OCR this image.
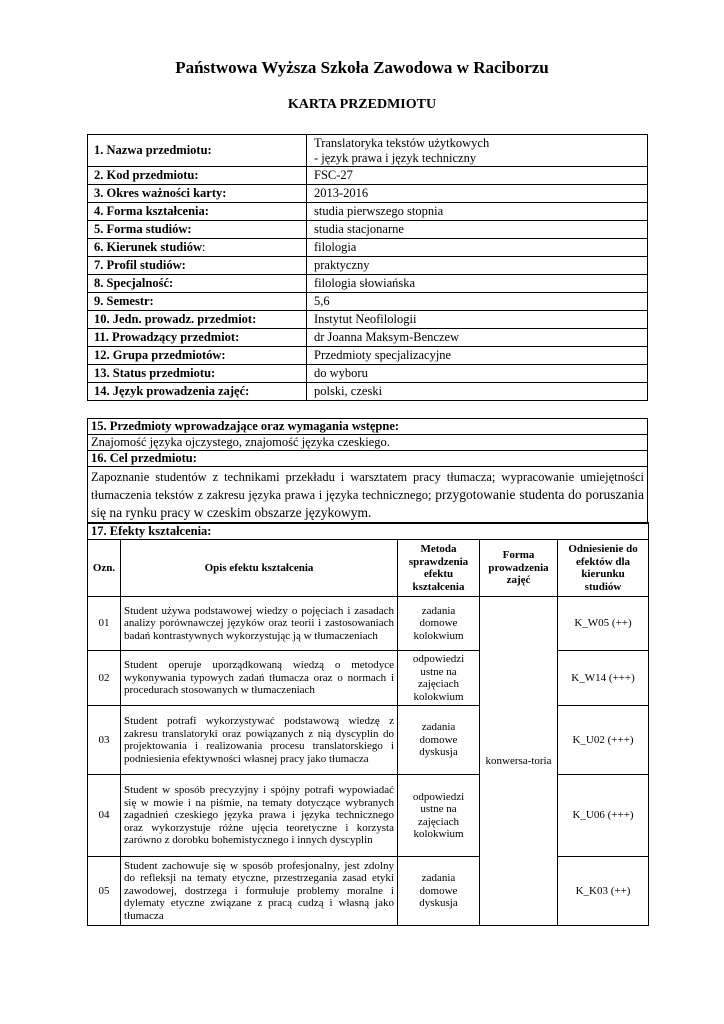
Państwowa Wyższa Szkoła Zawodowa w Raciborzu
KARTA PRZEDMIOTU
1. Nazwa przedmiotu:	Translatoryka tekstów użytkowych
- język prawa i język techniczny

2. Kod przedmiotu:	FSC-27
3. Okres ważności karty:	2013-2016
4. Forma kształcenia:	studia pierwszego stopnia
5. Forma studiów:	studia stacjonarne
6. Kierunek studiów:	filologia
7. Profil studiów:	praktyczny
8. Specjalność:	filologia słowiańska
9. Semestr:	5,6
10. Jedn. prowadz. przedmiot:	Instytut Neofilologii
11. Prowadzący przedmiot:	dr Joanna Maksym-Benczew
12. Grupa przedmiotów:	Przedmioty specjalizacyjne
13. Status przedmiotu:	do wyboru
14. Język prowadzenia zajęć:	polski, czeski
15. Przedmioty wprowadzające oraz wymagania wstępne:
Znajomość języka ojczystego, znajomość języka czeskiego.
16. Cel przedmiotu:
Zapoznanie studentów z technikami przekładu i warsztatem pracy tłumacza; wypracowanie umiejętności tłumaczenia tekstów z zakresu języka prawa i języka technicznego; przygotowanie studenta do poruszania się na rynku pracy w czeskim obszarze językowym.
17. Efekty kształcenia:				
Ozn.	Opis efektu kształcenia	Metoda sprawdzenia efektu kształcenia	Forma prowadzenia zajęć	Odniesienie do efektów dla kierunku studiów
01	Student używa podstawowej wiedzy o pojęciach i zasadach analizy porównawczej języków oraz teorii i zastosowaniach badań kontrastywnych wykorzystując ją w tłumaczeniach	zadania domowe kolokwium	konwersa-toria	K_W05 (++)
02	Student operuje uporządkowaną wiedzą o metodyce wykonywania typowych zadań tłumacza oraz o normach i procedurach stosowanych w tłumaczeniach	odpowiedzi ustne na zajęciach kolokwium		K_W14 (+++)
03	Student potrafi wykorzystywać podstawową wiedzę z zakresu translatoryki oraz powiązanych z nią dyscyplin do projektowania i realizowania procesu translatorskiego i podniesienia efektywności własnej pracy jako tłumacza	zadania domowe dyskusja		K_U02 (+++)
04	Student w sposób precyzyjny i spójny potrafi wypowiadać się w mowie i na piśmie, na tematy dotyczące wybranych zagadnień czeskiego języka prawa i języka technicznego oraz wykorzystuje różne ujęcia teoretyczne i korzysta zarówno z dorobku bohemistycznego i innych dyscyplin	odpowiedzi ustne na zajęciach kolokwium		K_U06 (+++)
05	Student zachowuje się w sposób profesjonalny, jest zdolny do refleksji na tematy etyczne, przestrzegania zasad etyki zawodowej, dostrzega i formułuje problemy moralne i dylematy etyczne związane z pracą cudzą i własną jako tłumacza	zadania domowe dyskusja		K_K03 (++)
